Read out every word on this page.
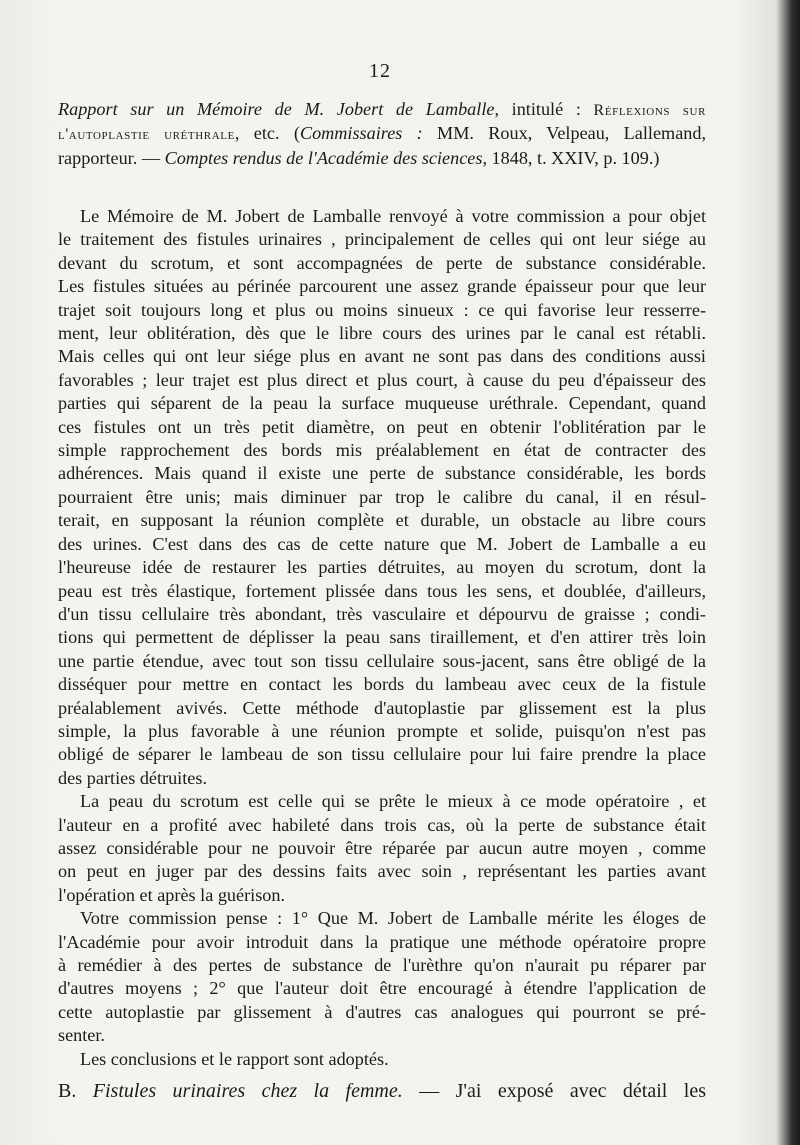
12
Rapport sur un Mémoire de M. Jobert de Lamballe, intitulé : Réflexions sur
l'autoplastie uréthrale, etc. (Commissaires : MM. Roux, Velpeau, Lallemand,
rapporteur. — Comptes rendus de l'Académie des sciences, 1848, t. XXIV, p. 109.)
Le Mémoire de M. Jobert de Lamballe renvoyé à votre commission a pour objet
le traitement des fistules urinaires , principalement de celles qui ont leur siége au
devant du scrotum, et sont accompagnées de perte de substance considérable.
Les fistules situées au périnée parcourent une assez grande épaisseur pour que leur
trajet soit toujours long et plus ou moins sinueux : ce qui favorise leur resserre-
ment, leur oblitération, dès que le libre cours des urines par le canal est rétabli.
Mais celles qui ont leur siége plus en avant ne sont pas dans des conditions aussi
favorables ; leur trajet est plus direct et plus court, à cause du peu d'épaisseur des
parties qui séparent de la peau la surface muqueuse uréthrale. Cependant, quand
ces fistules ont un très petit diamètre, on peut en obtenir l'oblitération par le
simple rapprochement des bords mis préalablement en état de contracter des
adhérences. Mais quand il existe une perte de substance considérable, les bords
pourraient être unis; mais diminuer par trop le calibre du canal, il en résul-
terait, en supposant la réunion complète et durable, un obstacle au libre cours
des urines. C'est dans des cas de cette nature que M. Jobert de Lamballe a eu
l'heureuse idée de restaurer les parties détruites, au moyen du scrotum, dont la
peau est très élastique, fortement plissée dans tous les sens, et doublée, d'ailleurs,
d'un tissu cellulaire très abondant, très vasculaire et dépourvu de graisse ; condi-
tions qui permettent de déplisser la peau sans tiraillement, et d'en attirer très loin
une partie étendue, avec tout son tissu cellulaire sous-jacent, sans être obligé de la
disséquer pour mettre en contact les bords du lambeau avec ceux de la fistule
préalablement avivés. Cette méthode d'autoplastie par glissement est la plus
simple, la plus favorable à une réunion prompte et solide, puisqu'on n'est pas
obligé de séparer le lambeau de son tissu cellulaire pour lui faire prendre la place
des parties détruites.
La peau du scrotum est celle qui se prête le mieux à ce mode opératoire , et
l'auteur en a profité avec habileté dans trois cas, où la perte de substance était
assez considérable pour ne pouvoir être réparée par aucun autre moyen , comme
on peut en juger par des dessins faits avec soin , représentant les parties avant
l'opération et après la guérison.
Votre commission pense : 1° Que M. Jobert de Lamballe mérite les éloges de
l'Académie pour avoir introduit dans la pratique une méthode opératoire propre
à remédier à des pertes de substance de l'urèthre qu'on n'aurait pu réparer par
d'autres moyens ; 2° que l'auteur doit être encouragé à étendre l'application de
cette autoplastie par glissement à d'autres cas analogues qui pourront se pré-
senter.
Les conclusions et le rapport sont adoptés.
B. Fistules urinaires chez la femme. — J'ai exposé avec détail les
